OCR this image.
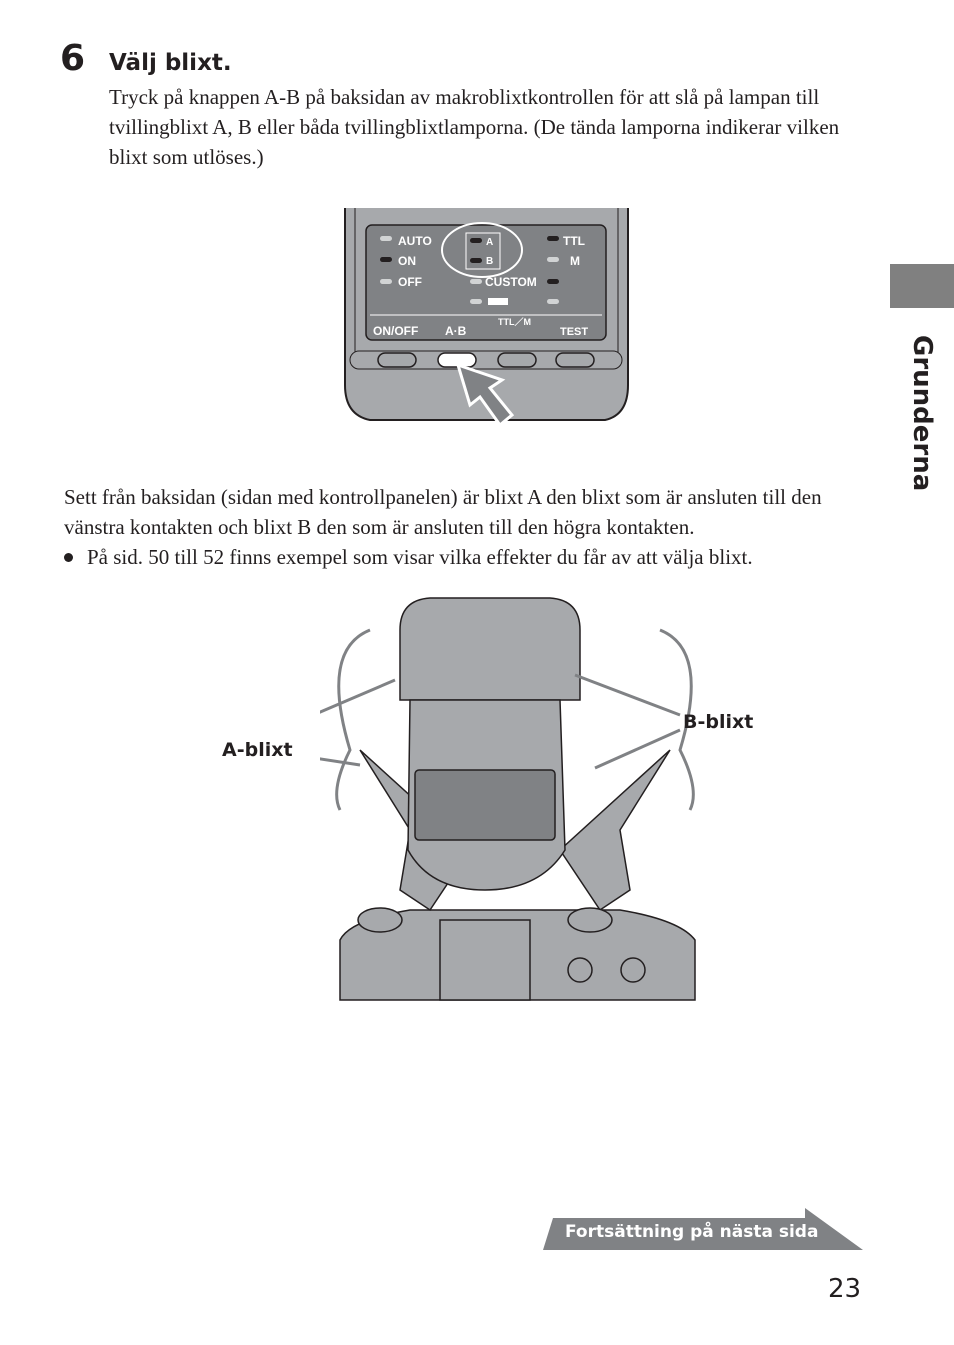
6 Välj blixt.
Tryck på knappen A-B på baksidan av makroblixtkontrollen för att slå på lampan till tvillingblixt A, B eller båda tvillingblixtlamporna. (De tända lamporna indikerar vilken blixt som utlöses.)
AUTO
ON
OFF
A
B
CUSTOM
TTL
M
ON/OFF A·B
TTL／M
TEST
Sett från baksidan (sidan med kontrollpanelen) är blixt A den blixt som är ansluten till den vänstra kontakten och blixt B den som är ansluten till den högra kontakten.
På sid. 50 till 52 finns exempel som visar vilka effekter du får av att välja blixt.
A-blixt
B-blixt
Grunderna
Fortsättning på nästa sida
23
